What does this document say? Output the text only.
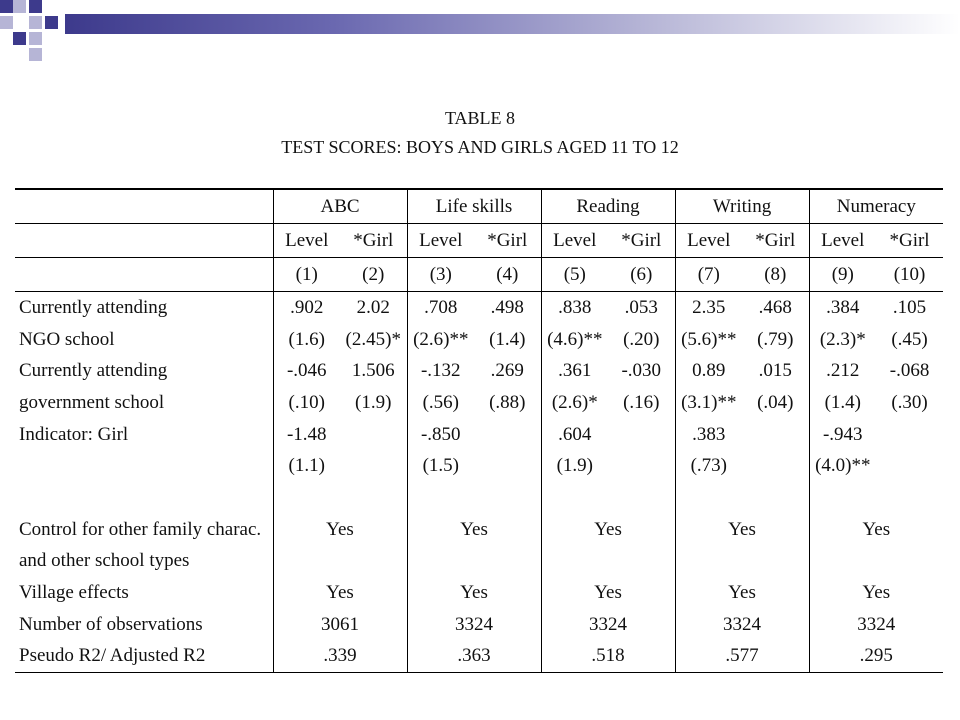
TABLE 8
TEST SCORES: BOYS AND GIRLS AGED 11 TO 12
	ABC		Life skills		Reading		Writing		Numeracy	
	Level	*Girl	Level	*Girl	Level	*Girl	Level	*Girl	Level	*Girl
	(1)	(2)	(3)	(4)	(5)	(6)	(7)	(8)	(9)	(10)
Currently attending	.902	2.02	.708	.498	.838	.053	2.35	.468	.384	.105
NGO school	(1.6)	(2.45)*	(2.6)**	(1.4)	(4.6)**	(.20)	(5.6)**	(.79)	(2.3)*	(.45)
Currently attending	-.046	1.506	-.132	.269	.361	-.030	0.89	.015	.212	-.068
government school	(.10)	(1.9)	(.56)	(.88)	(2.6)*	(.16)	(3.1)**	(.04)	(1.4)	(.30)
Indicator: Girl	-1.48		-.850		.604		.383		-.943	
	(1.1)		(1.5)		(1.9)		(.73)		(4.0)**	

Control for other family charac.	Yes		Yes		Yes		Yes		Yes	
and other school types										
Village effects	Yes		Yes		Yes		Yes		Yes	
Number of observations	3061		3324		3324		3324		3324	
Pseudo R2/ Adjusted R2	.339		.363		.518		.577		.295	
